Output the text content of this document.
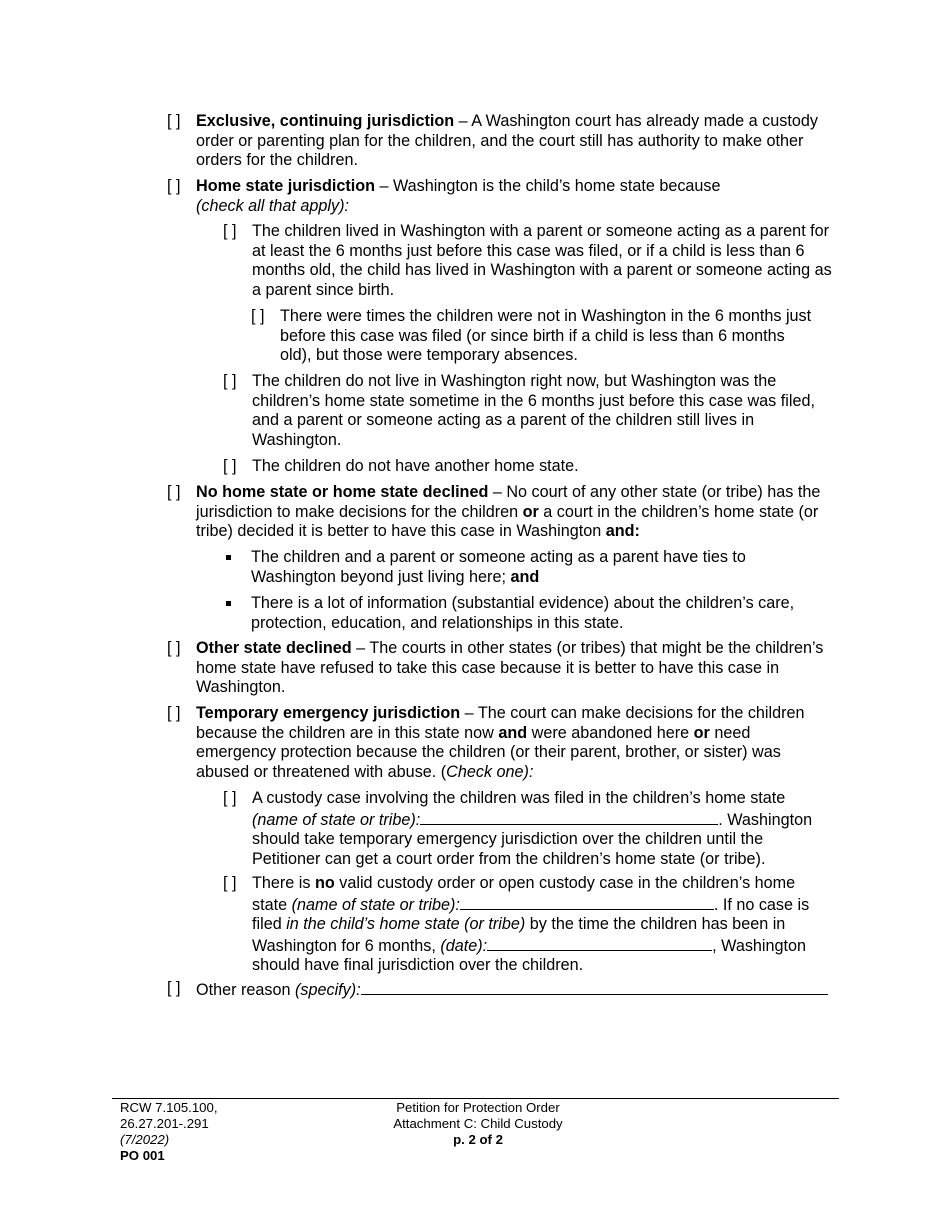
[ ] Exclusive, continuing jurisdiction – A Washington court has already made a custody order or parenting plan for the children, and the court still has authority to make other orders for the children.
[ ] Home state jurisdiction – Washington is the child’s home state because
(check all that apply):
[ ] The children lived in Washington with a parent or someone acting as a parent for at least the 6 months just before this case was filed, or if a child is less than 6 months old, the child has lived in Washington with a parent or someone acting as a parent since birth.
[ ] There were times the children were not in Washington in the 6 months just before this case was filed (or since birth if a child is less than 6 months old), but those were temporary absences.
[ ] The children do not live in Washington right now, but Washington was the children’s home state sometime in the 6 months just before this case was filed, and a parent or someone acting as a parent of the children still lives in Washington.
[ ] The children do not have another home state.
[ ] No home state or home state declined – No court of any other state (or tribe) has the jurisdiction to make decisions for the children or a court in the children’s home state (or tribe) decided it is better to have this case in Washington and:
The children and a parent or someone acting as a parent have ties to Washington beyond just living here; and
There is a lot of information (substantial evidence) about the children’s care, protection, education, and relationships in this state.
[ ] Other state declined – The courts in other states (or tribes) that might be the children’s home state have refused to take this case because it is better to have this case in Washington.
[ ] Temporary emergency jurisdiction – The court can make decisions for the children because the children are in this state now and were abandoned here or need emergency protection because the children (or their parent, brother, or sister) was abused or threatened with abuse. (Check one):
[ ] A custody case involving the children was filed in the children’s home state (name of state or tribe):	. Washington should take temporary emergency jurisdiction over the children until the Petitioner can get a court order from the children’s home state (or tribe).
[ ] There is no valid custody order or open custody case in the children’s home state (name of state or tribe):	. If no case is filed in the child’s home state (or tribe) by the time the children has been in Washington for 6 months, (date):	, Washington should have final jurisdiction over the children.
[ ] Other reason (specify):
RCW 7.105.100,
26.27.201-.291
(7/2022)
PO 001
Petition for Protection Order
Attachment C: Child Custody
p. 2 of 2
